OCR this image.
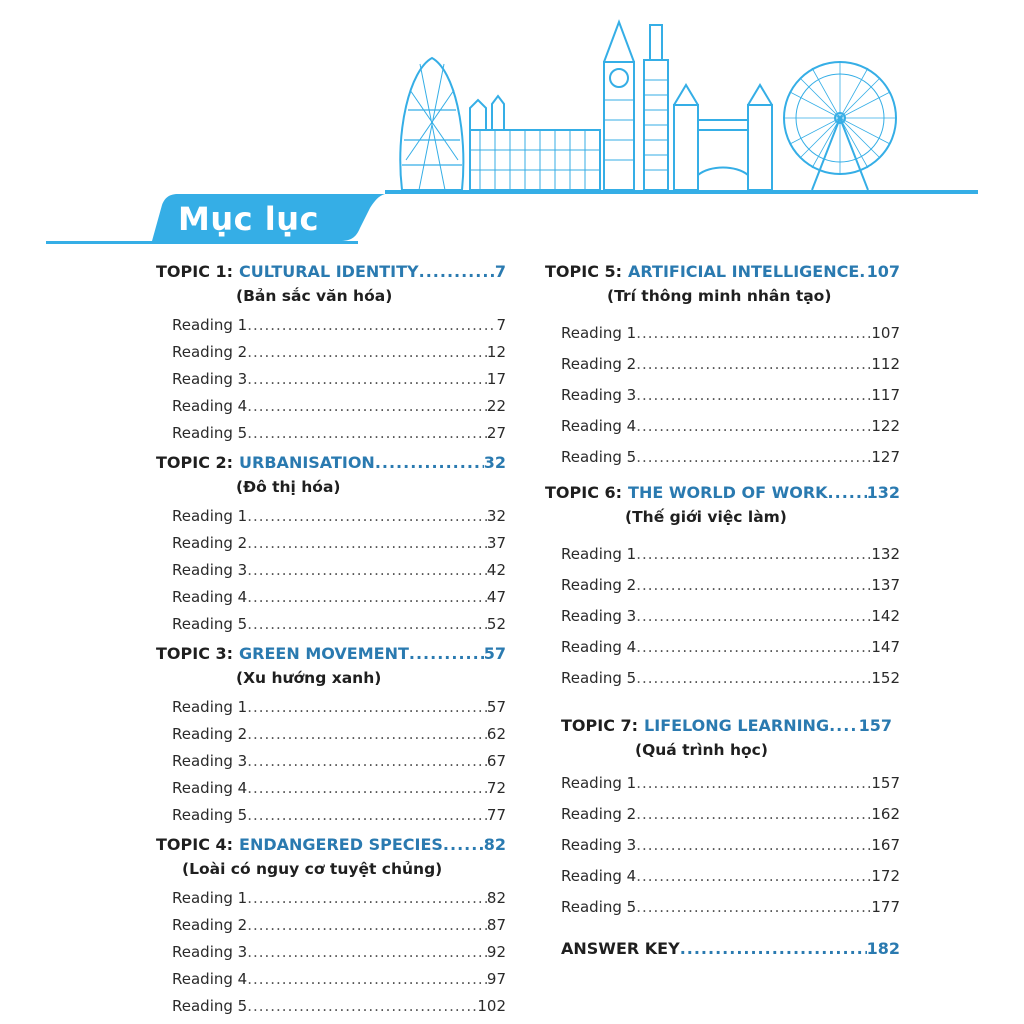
Mục lục
TOPIC 1: CULTURAL IDENTITY .....	7
(Bản sắc văn hóa)
Reading 1 .....	7
Reading 2 .....	12
Reading 3 .....	17
Reading 4 .....	22
Reading 5 .....	27
TOPIC 2: URBANISATION .....	32
(Đô thị hóa)
Reading 1 .....	32
Reading 2 .....	37
Reading 3 .....	42
Reading 4 .....	47
Reading 5 .....	52
TOPIC 3: GREEN MOVEMENT .....	57
(Xu hướng xanh)
Reading 1 .....	57
Reading 2 .....	62
Reading 3 .....	67
Reading 4 .....	72
Reading 5 .....	77
TOPIC 4: ENDANGERED SPECIES .....	82
(Loài có nguy cơ tuyệt chủng)
Reading 1 .....	82
Reading 2 .....	87
Reading 3 .....	92
Reading 4 .....	97
Reading 5 .....	102
TOPIC 5: ARTIFICIAL INTELLIGENCE ..... 107
(Trí thông minh nhân tạo)
Reading 1 .....	107
Reading 2 .....	112
Reading 3 .....	117
Reading 4 .....	122
Reading 5 .....	127
TOPIC 6: THE WORLD OF WORK ..... 132
(Thế giới việc làm)
Reading 1 .....	132
Reading 2 .....	137
Reading 3 .....	142
Reading 4 .....	147
Reading 5 .....	152
TOPIC 7: LIFELONG LEARNING ..... 157
(Quá trình học)
Reading 1 .....	157
Reading 2 .....	162
Reading 3 .....	167
Reading 4 .....	172
Reading 5 .....	177
ANSWER KEY .....	182
